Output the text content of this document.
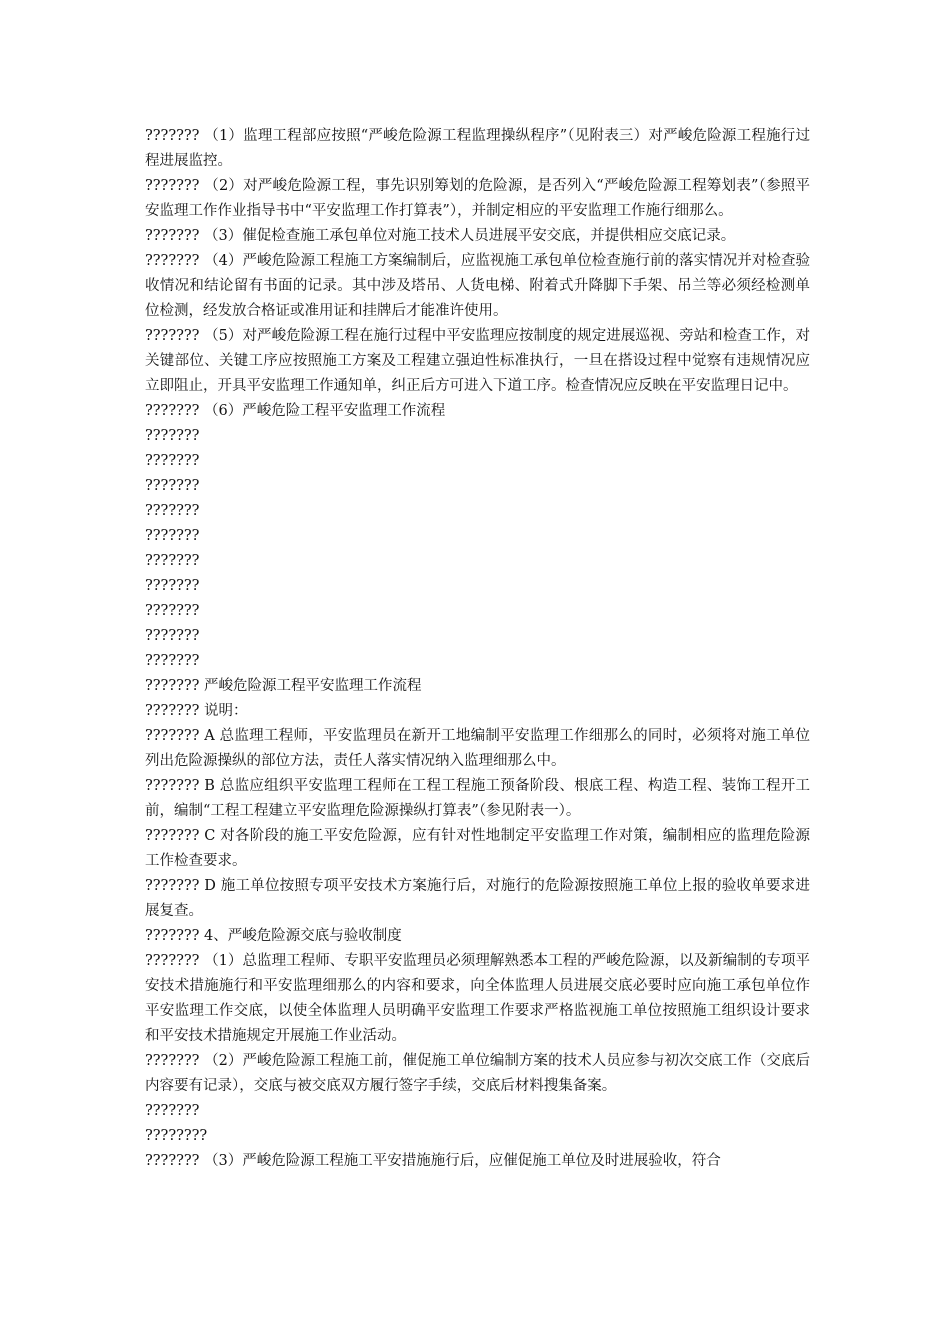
??????? （1）监理工程部应按照“严峻危险源工程监理操纵程序”（见附表三）对严峻危险源工程施行过程进展监控。

??????? （2）对严峻危险源工程，事先识别筹划的危险源，是否列入“严峻危险源工程筹划表”（参照平安监理工作作业指导书中“平安监理工作打算表”），并制定相应的平安监理工作施行细那么。

??????? （3）催促检查施工承包单位对施工技术人员进展平安交底，并提供相应交底记录。

??????? （4）严峻危险源工程施工方案编制后，应监视施工承包单位检查施行前的落实情况并对检查验收情况和结论留有书面的记录。其中涉及塔吊、人货电梯、附着式升降脚下手架、吊兰等必须经检测单位检测，经发放合格证或准用证和挂牌后才能准许使用。

??????? （5）对严峻危险源工程在施行过程中平安监理应按制度的规定进展巡视、旁站和检查工作，对关键部位、关键工序应按照施工方案及工程建立强迫性标准执行，一旦在搭设过程中觉察有违规情况应立即阻止，开具平安监理工作通知单，纠正后方可进入下道工序。检查情况应反映在平安监理日记中。

??????? （6）严峻危险工程平安监理工作流程

???????

???????

???????

???????

???????

???????

???????

???????

???????

???????

??????? 严峻危险源工程平安监理工作流程

??????? 说明：

??????? A 总监理工程师，平安监理员在新开工地编制平安监理工作细那么的同时，必须将对施工单位列出危险源操纵的部位方法，责任人落实情况纳入监理细那么中。

??????? B 总监应组织平安监理工程师在工程工程施工预备阶段、根底工程、构造工程、装饰工程开工前，编制“工程工程建立平安监理危险源操纵打算表”（参见附表一）。

??????? C 对各阶段的施工平安危险源，应有针对性地制定平安监理工作对策，编制相应的监理危险源工作检查要求。

??????? D 施工单位按照专项平安技术方案施行后，对施行的危险源按照施工单位上报的验收单要求进展复查。

??????? 4、严峻危险源交底与验收制度

??????? （1）总监理工程师、专职平安监理员必须理解熟悉本工程的严峻危险源，以及新编制的专项平安技术措施施行和平安监理细那么的内容和要求，向全体监理人员进展交底必要时应向施工承包单位作平安监理工作交底，以使全体监理人员明确平安监理工作要求严格监视施工单位按照施工组织设计要求和平安技术措施规定开展施工作业活动。

??????? （2）严峻危险源工程施工前，催促施工单位编制方案的技术人员应参与初次交底工作（交底后内容要有记录），交底与被交底双方履行签字手续，交底后材料搜集备案。

???????

????????

??????? （3）严峻危险源工程施工平安措施施行后，应催促施工单位及时进展验收，符合
